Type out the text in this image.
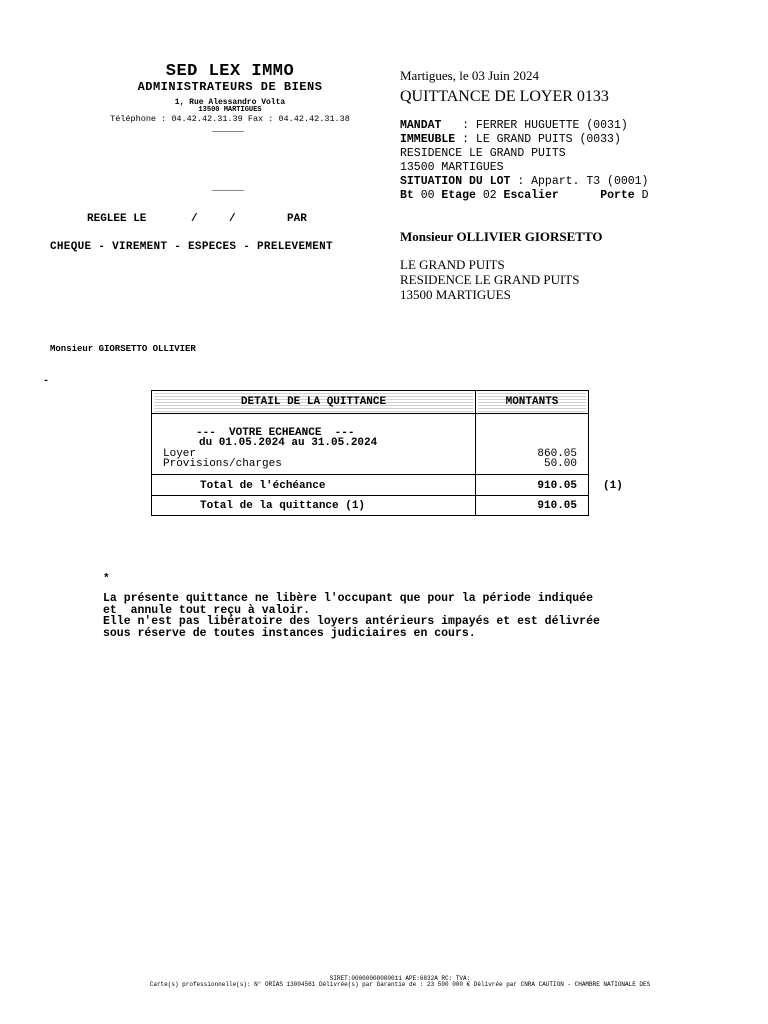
SED LEX IMMO
ADMINISTRATEURS DE BIENS
1, Rue Alessandro Volta
13500 MARTIGUES
Téléphone : 04.42.42.31.39 Fax : 04.42.42.31.38
Martigues, le 03 Juin 2024
QUITTANCE DE LOYER 0133
MANDAT   : FERRER HUGUETTE (0031)
IMMEUBLE : LE GRAND PUITS (0033)
RESIDENCE LE GRAND PUITS
13500 MARTIGUES
SITUATION DU LOT : Appart. T3 (0001)
Bt 00 Etage 02 Escalier	Porte D
REGLEE LE	/	/	PAR
CHEQUE - VIREMENT - ESPECES - PRELEVEMENT
Monsieur OLLIVIER GIORSETTO
LE GRAND PUITS
RESIDENCE LE GRAND PUITS
13500 MARTIGUES
Monsieur GIORSETTO OLLIVIER
-
DETAIL DE LA QUITTANCE	MONTANTS
---  VOTRE ECHEANCE  ---
du 01.05.2024 au 31.05.2024
Loyer	860.05
Provisions/charges	50.00
Total de l'échéance	910.05
Total de la quittance (1)	910.05
(1)
*
La présente quittance ne libère l'occupant que pour la période indiquée
et  annule tout reçu à valoir.
Elle n'est pas libératoire des loyers antérieurs impayés et est délivrée
sous réserve de toutes instances judiciaires en cours.
SIRET:00000000000011 APE:6832A RC: TVA:
Carte(s) professionnelle(s): N° ORIAS 13004561 Délivrée(s) par Garantie de : 23 500 000 € Délivrée par CNRA CAUTION - CHAMBRE NATIONALE DES
